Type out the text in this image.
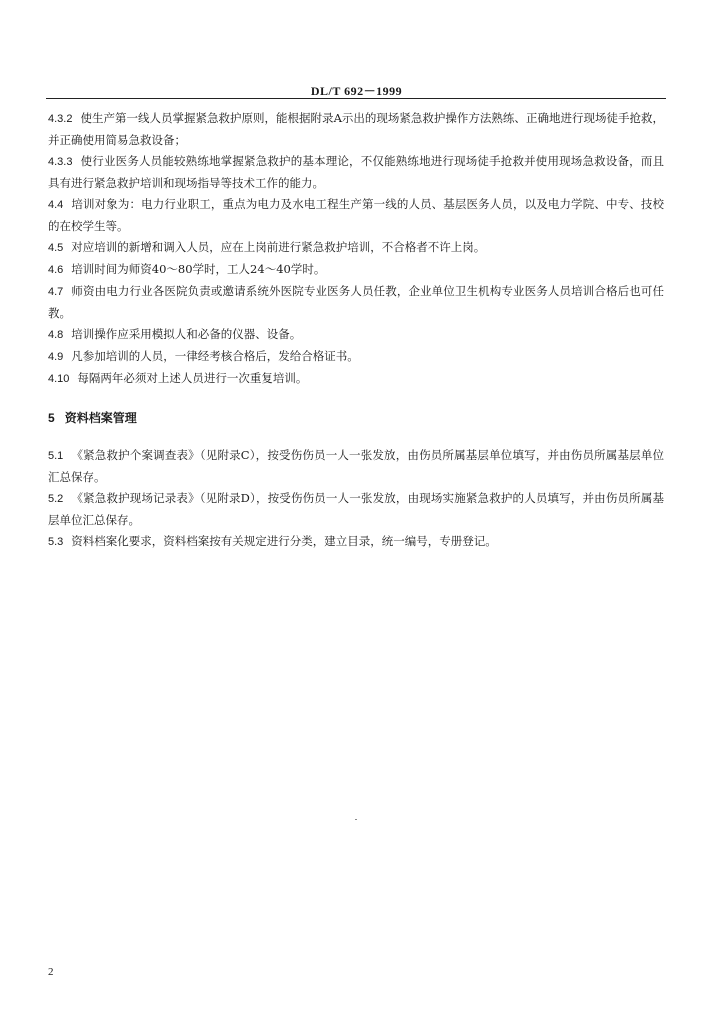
DL/T 692－1999

4.3.2 使生产第一线人员掌握紧急救护原则，能根据附录A示出的现场紧急救护操作方法熟练、正确地进行现场徒手抢救，并正确使用简易急救设备；

4.3.3 使行业医务人员能较熟练地掌握紧急救护的基本理论，不仅能熟练地进行现场徒手抢救并使用现场急救设备，而且具有进行紧急救护培训和现场指导等技术工作的能力。

4.4 培训对象为：电力行业职工，重点为电力及水电工程生产第一线的人员、基层医务人员，以及电力学院、中专、技校的在校学生等。

4.5 对应培训的新增和调入人员，应在上岗前进行紧急救护培训，不合格者不许上岗。

4.6 培训时间为师资40～80学时，工人24～40学时。

4.7 师资由电力行业各医院负责或邀请系统外医院专业医务人员任教，企业单位卫生机构专业医务人员培训合格后也可任教。

4.8 培训操作应采用模拟人和必备的仪器、设备。

4.9 凡参加培训的人员，一律经考核合格后，发给合格证书。

4.10 每隔两年必须对上述人员进行一次重复培训。

5 资料档案管理

5.1 《紧急救护个案调查表》（见附录C），按受伤伤员一人一张发放，由伤员所属基层单位填写，并由伤员所属基层单位汇总保存。

5.2 《紧急救护现场记录表》（见附录D），按受伤伤员一人一张发放，由现场实施紧急救护的人员填写，并由伤员所属基层单位汇总保存。

5.3 资料档案化要求，资料档案按有关规定进行分类，建立目录，统一编号，专册登记。

2
